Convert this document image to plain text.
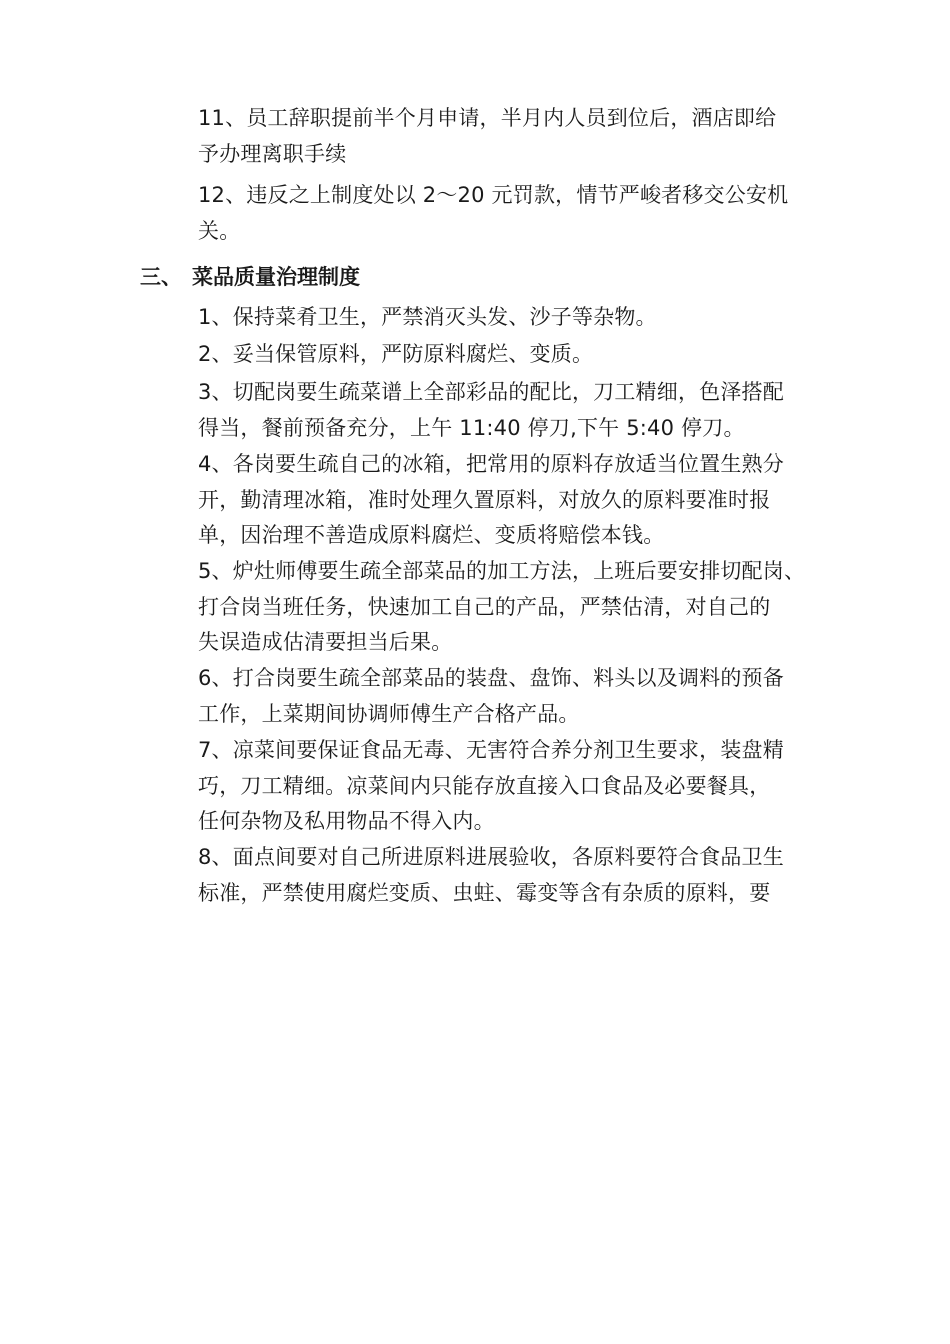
11、员工辞职提前半个月申请，半月内人员到位后，酒店即给
予办理离职手续
12、违反之上制度处以 2～20 元罚款，情节严峻者移交公安机
关。
三、 菜品质量治理制度
1、保持菜肴卫生，严禁消灭头发、沙子等杂物。
2、妥当保管原料，严防原料腐烂、变质。
3、切配岗要生疏菜谱上全部彩品的配比，刀工精细，色泽搭配
得当，餐前预备充分，上午 11:40 停刀,下午 5:40 停刀。
4、各岗要生疏自己的冰箱，把常用的原料存放适当位置生熟分
开，勤清理冰箱，准时处理久置原料，对放久的原料要准时报
单，因治理不善造成原料腐烂、变质将赔偿本钱。
5、炉灶师傅要生疏全部菜品的加工方法，上班后要安排切配岗、
打合岗当班任务，快速加工自己的产品，严禁估清，对自己的
失误造成估清要担当后果。
6、打合岗要生疏全部菜品的装盘、盘饰、料头以及调料的预备
工作，上菜期间协调师傅生产合格产品。
7、凉菜间要保证食品无毒、无害符合养分剂卫生要求，装盘精
巧，刀工精细。凉菜间内只能存放直接入口食品及必要餐具，
任何杂物及私用物品不得入内。
8、面点间要对自己所进原料进展验收，各原料要符合食品卫生
标准，严禁使用腐烂变质、虫蛀、霉变等含有杂质的原料，要
